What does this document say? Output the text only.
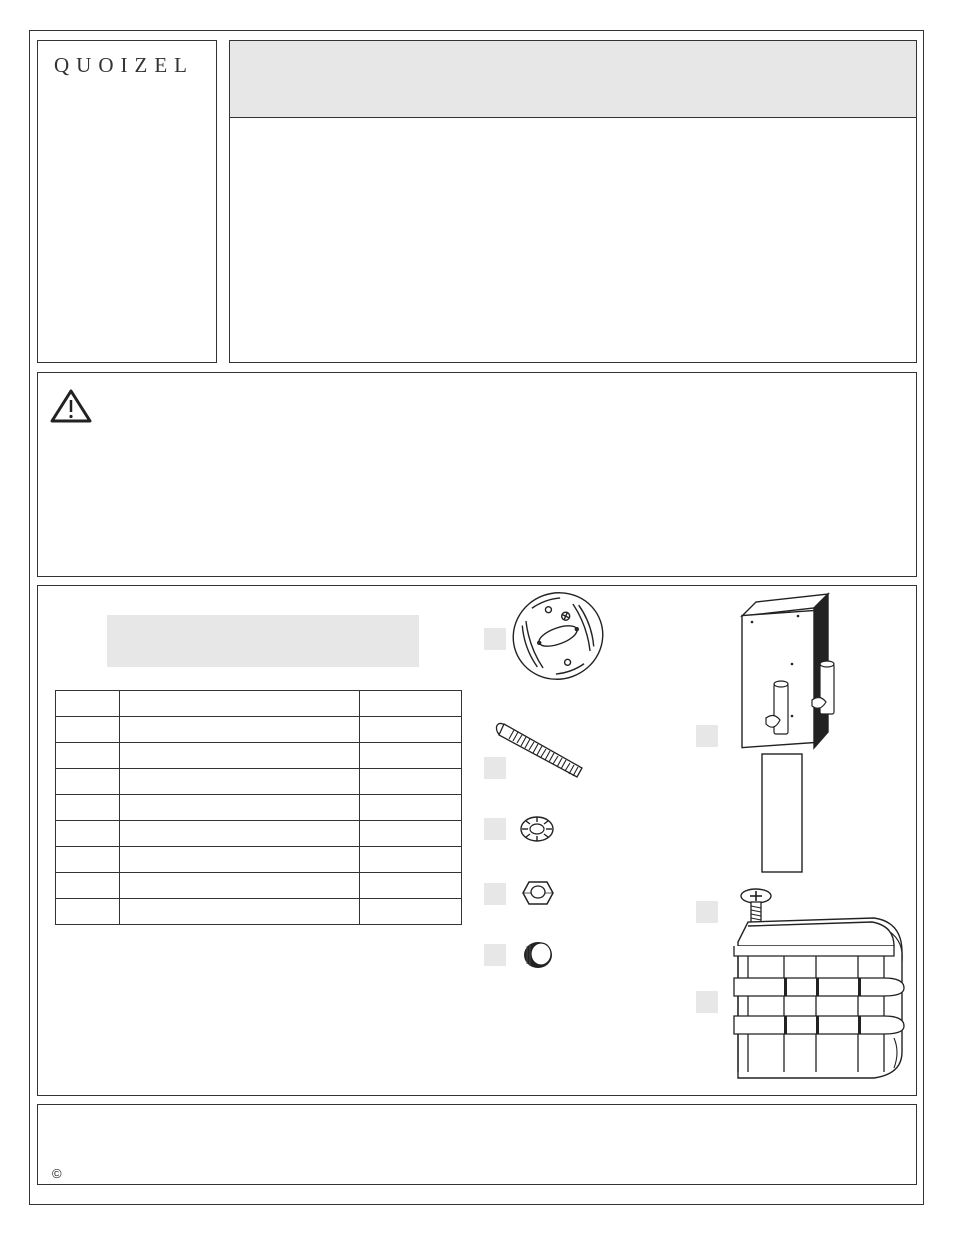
QUOIZEL

©
